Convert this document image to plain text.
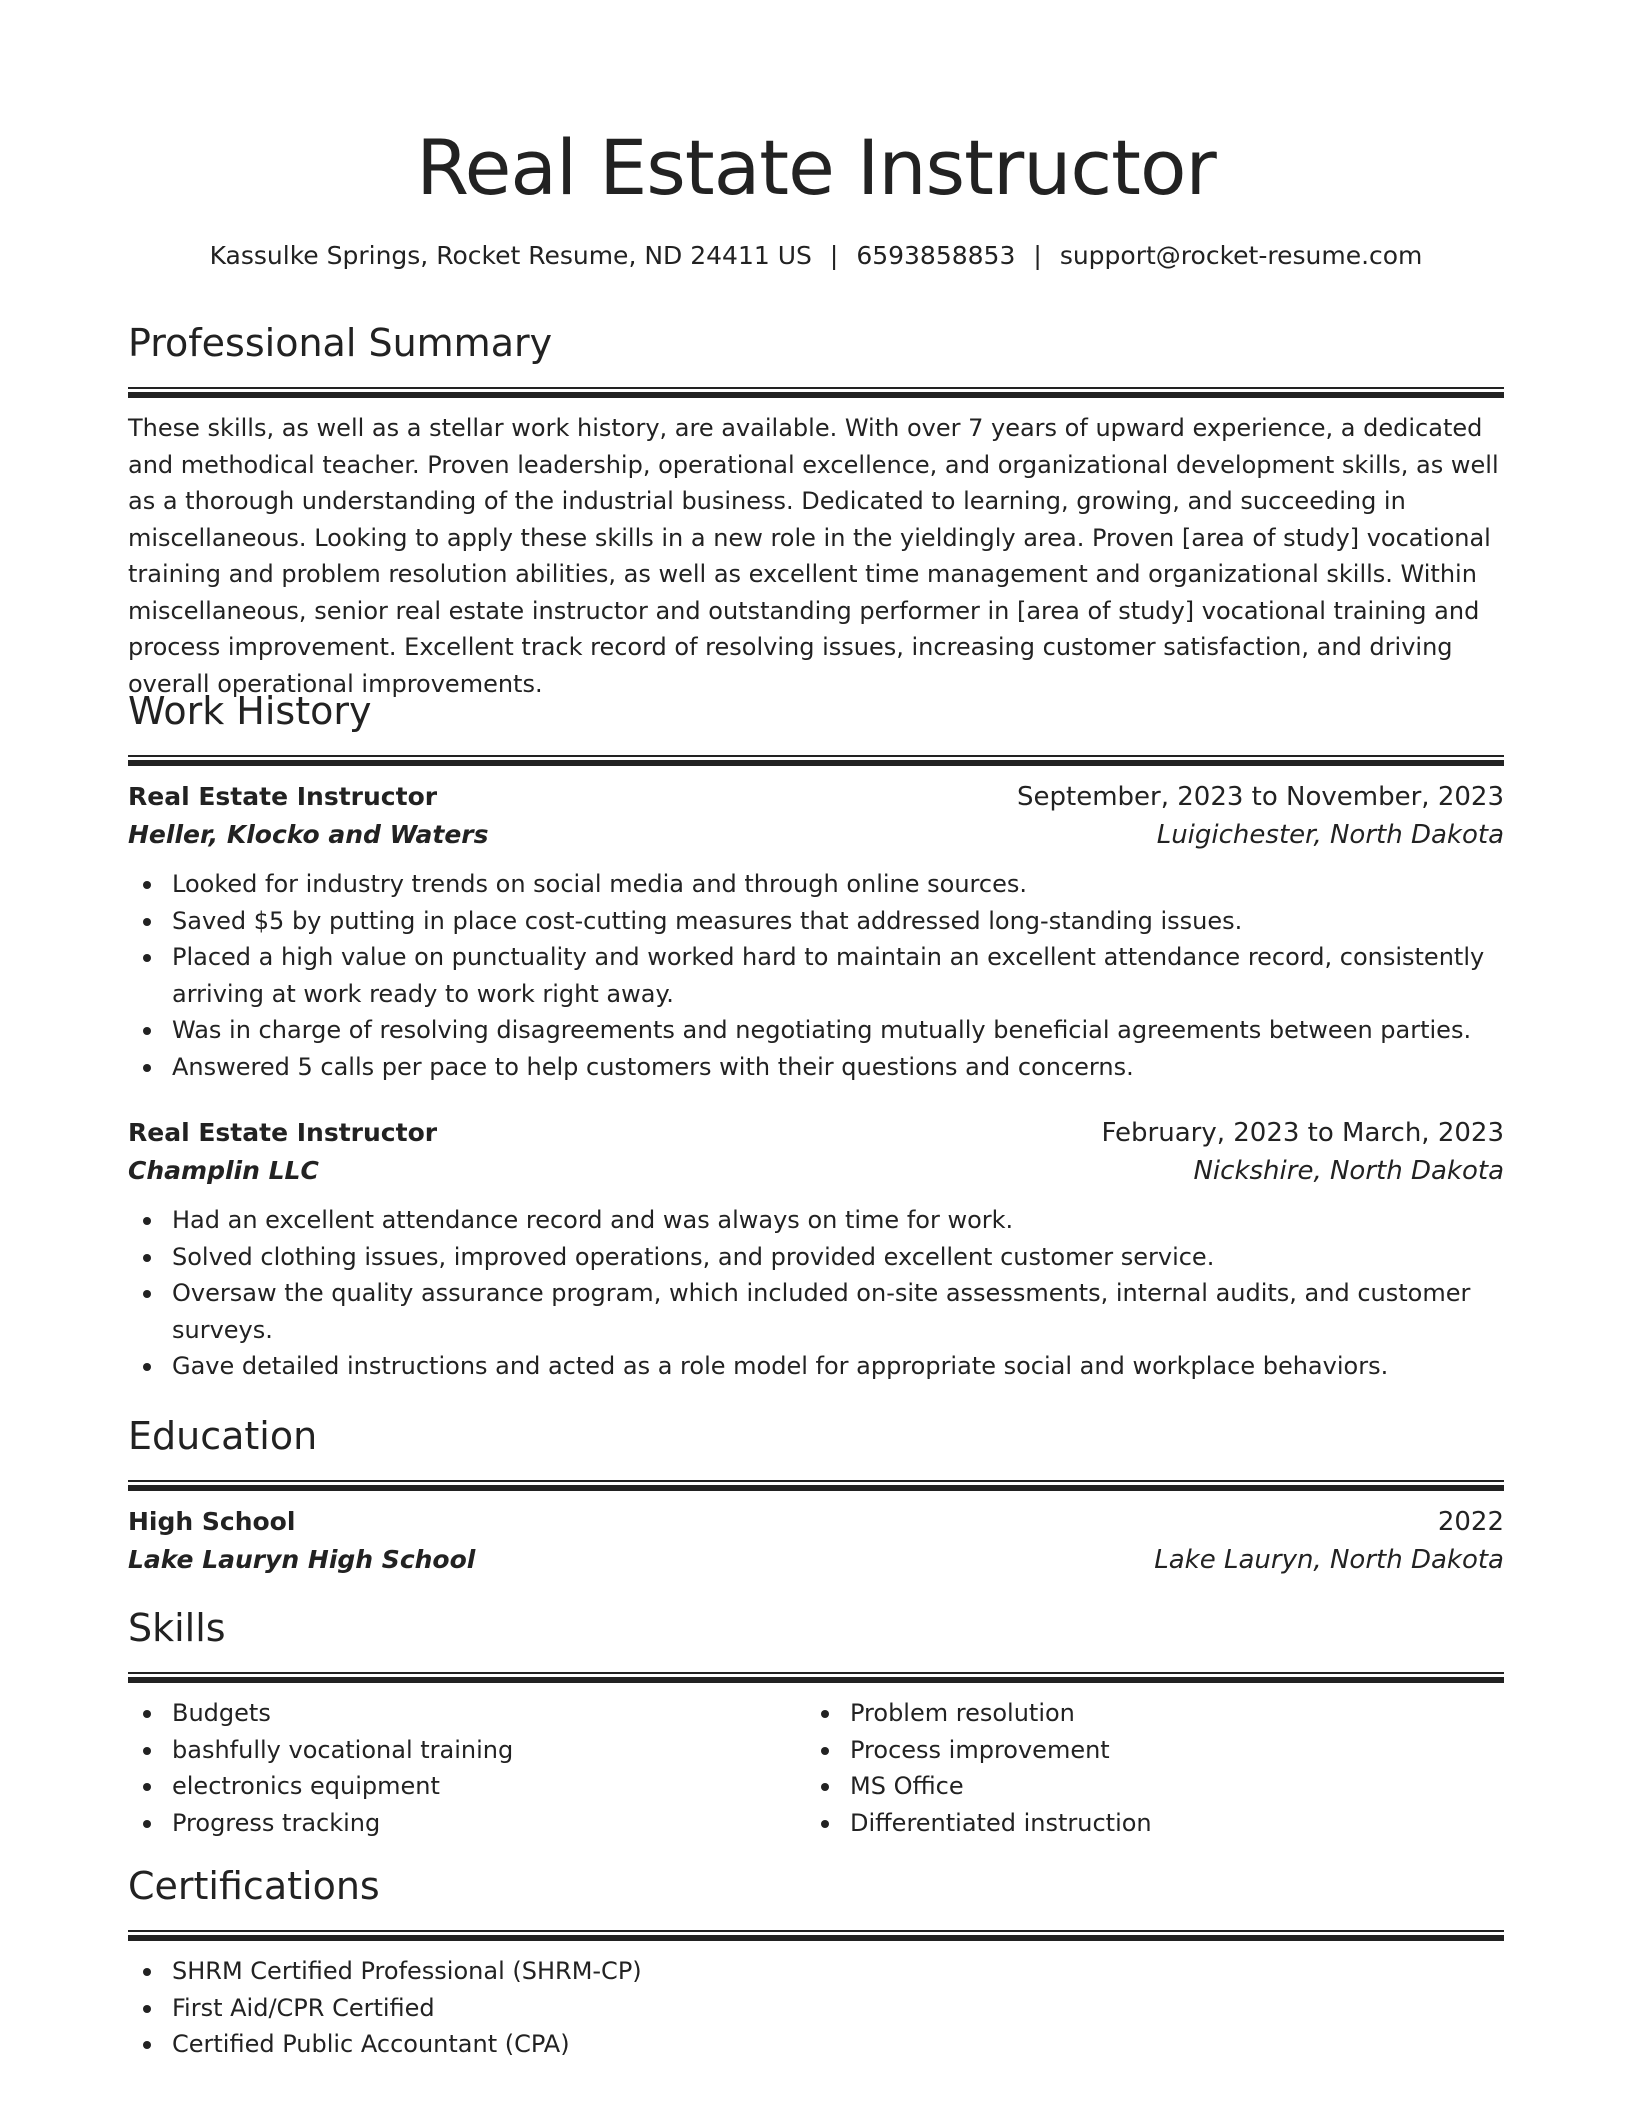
Real Estate Instructor
Kassulke Springs, Rocket Resume, ND 24411 US | 6593858853 | support@rocket-resume.com
Professional Summary

These skills, as well as a stellar work history, are available. With over 7 years of upward experience, a dedicated and methodical teacher. Proven leadership, operational excellence, and organizational development skills, as well as a thorough understanding of the industrial business. Dedicated to learning, growing, and succeeding in miscellaneous. Looking to apply these skills in a new role in the yieldingly area. Proven [area of study] vocational training and problem resolution abilities, as well as excellent time management and organizational skills. Within miscellaneous, senior real estate instructor and outstanding performer in [area of study] vocational training and process improvement. Excellent track record of resolving issues, increasing customer satisfaction, and driving overall operational improvements.

Work History
Real Estate Instructor	September, 2023 to November, 2023
Heller, Klocko and Waters	Luigichester, North Dakota
Looked for industry trends on social media and through online sources.
Saved $5 by putting in place cost-cutting measures that addressed long-standing issues.
Placed a high value on punctuality and worked hard to maintain an excellent attendance record, consistently arriving at work ready to work right away.
Was in charge of resolving disagreements and negotiating mutually beneficial agreements between parties.
Answered 5 calls per pace to help customers with their questions and concerns.
Real Estate Instructor	February, 2023 to March, 2023
Champlin LLC	Nickshire, North Dakota
Had an excellent attendance record and was always on time for work.
Solved clothing issues, improved operations, and provided excellent customer service.
Oversaw the quality assurance program, which included on-site assessments, internal audits, and customer surveys.
Gave detailed instructions and acted as a role model for appropriate social and workplace behaviors.
Education
High School	2022
Lake Lauryn High School	Lake Lauryn, North Dakota
Skills
Budgets
bashfully vocational training
electronics equipment
Progress tracking
Problem resolution
Process improvement
MS Office
Differentiated instruction
Certifications
SHRM Certified Professional (SHRM-CP)
First Aid/CPR Certified
Certified Public Accountant (CPA)
